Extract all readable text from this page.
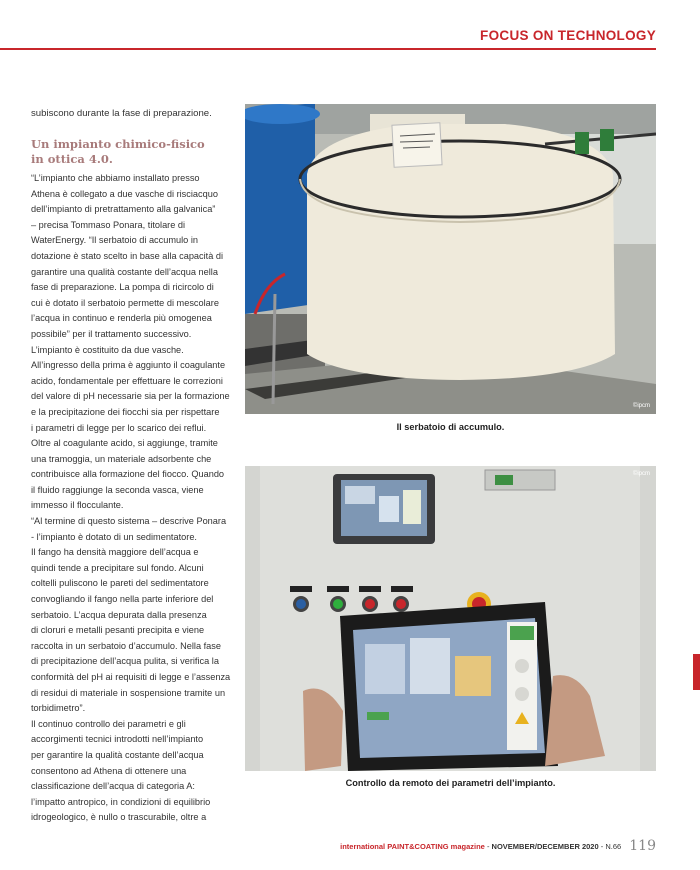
FOCUS ON TECHNOLOGY
subiscono durante la fase di preparazione.
Un impianto chimico-fisico
in ottica 4.0.
“L’impianto che abbiamo installato presso
Athena è collegato a due vasche di risciacquo
dell’impianto di pretrattamento alla galvanica”
– precisa Tommaso Ponara, titolare di
WaterEnergy. “Il serbatoio di accumulo in
dotazione è stato scelto in base alla capacità di
garantire una qualità costante dell’acqua nella
fase di preparazione. La pompa di ricircolo di
cui è dotato il serbatoio permette di mescolare
l’acqua in continuo e renderla più omogenea
possibile” per il trattamento successivo.
L’impianto è costituito da due vasche.
All’ingresso della prima è aggiunto il coagulante
acido, fondamentale per effettuare le correzioni
del valore di pH necessarie sia per la formazione
e la precipitazione dei fiocchi sia per rispettare
i parametri di legge per lo scarico dei reflui.
Oltre al coagulante acido, si aggiunge, tramite
una tramoggia, un materiale adsorbente che
contribuisce alla formazione del fiocco. Quando
il fluido raggiunge la seconda vasca, viene
immesso il flocculante.
“Al termine di questo sistema – descrive Ponara
- l’impianto è dotato di un sedimentatore.
Il fango ha densità maggiore dell’acqua e
quindi tende a precipitare sul fondo. Alcuni
coltelli puliscono le pareti del sedimentatore
convogliando il fango nella parte inferiore del
serbatoio. L’acqua depurata dalla presenza
di cloruri e metalli pesanti precipita e viene
raccolta in un serbatoio d’accumulo. Nella fase
di precipitazione dell’acqua pulita, si verifica la
conformità del pH ai requisiti di legge e l’assenza
di residui di materiale in sospensione tramite un
torbidimetro”.
Il continuo controllo dei parametri e gli
accorgimenti tecnici introdotti nell’impianto
per garantire la qualità costante dell’acqua
consentono ad Athena di ottenere una
classificazione dell’acqua di categoria A:
l’impatto antropico, in condizioni di equilibrio
idrogeologico, è nullo o trascurabile, oltre a
©ipcm
Il serbatoio di accumulo.
©ipcm
Controllo da remoto dei parametri dell’impianto.
international PAINT&COATING magazine - NOVEMBER/DECEMBER 2020 - N.66 119
